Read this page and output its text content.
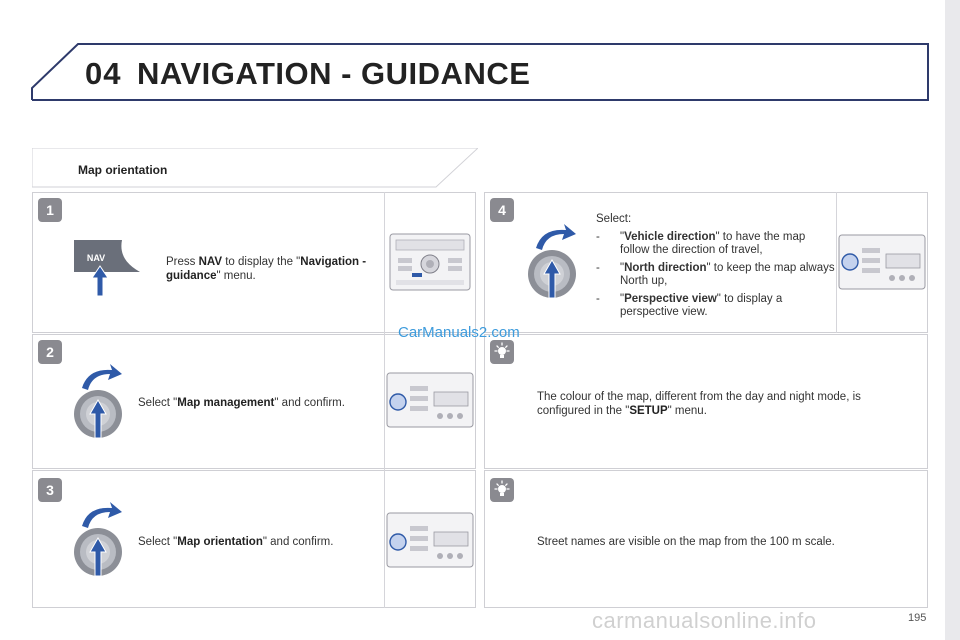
04 NAVIGATION - GUIDANCE
Map orientation
1
2
3
4
NAV	Press NAV to display the "Navigation - guidance" menu.
Select "Map management" and confirm.
Select "Map orientation" and confirm.
Select:
- "Vehicle direction" to have the map follow the direction of travel,
- "North direction" to keep the map always North up,
- "Perspective view" to display a perspective view.
The colour of the map, different from the day and night mode, is configured in the "SETUP" menu.
Street names are visible on the map from the 100 m scale.
CarManuals2.com
carmanualsonline.info	195
